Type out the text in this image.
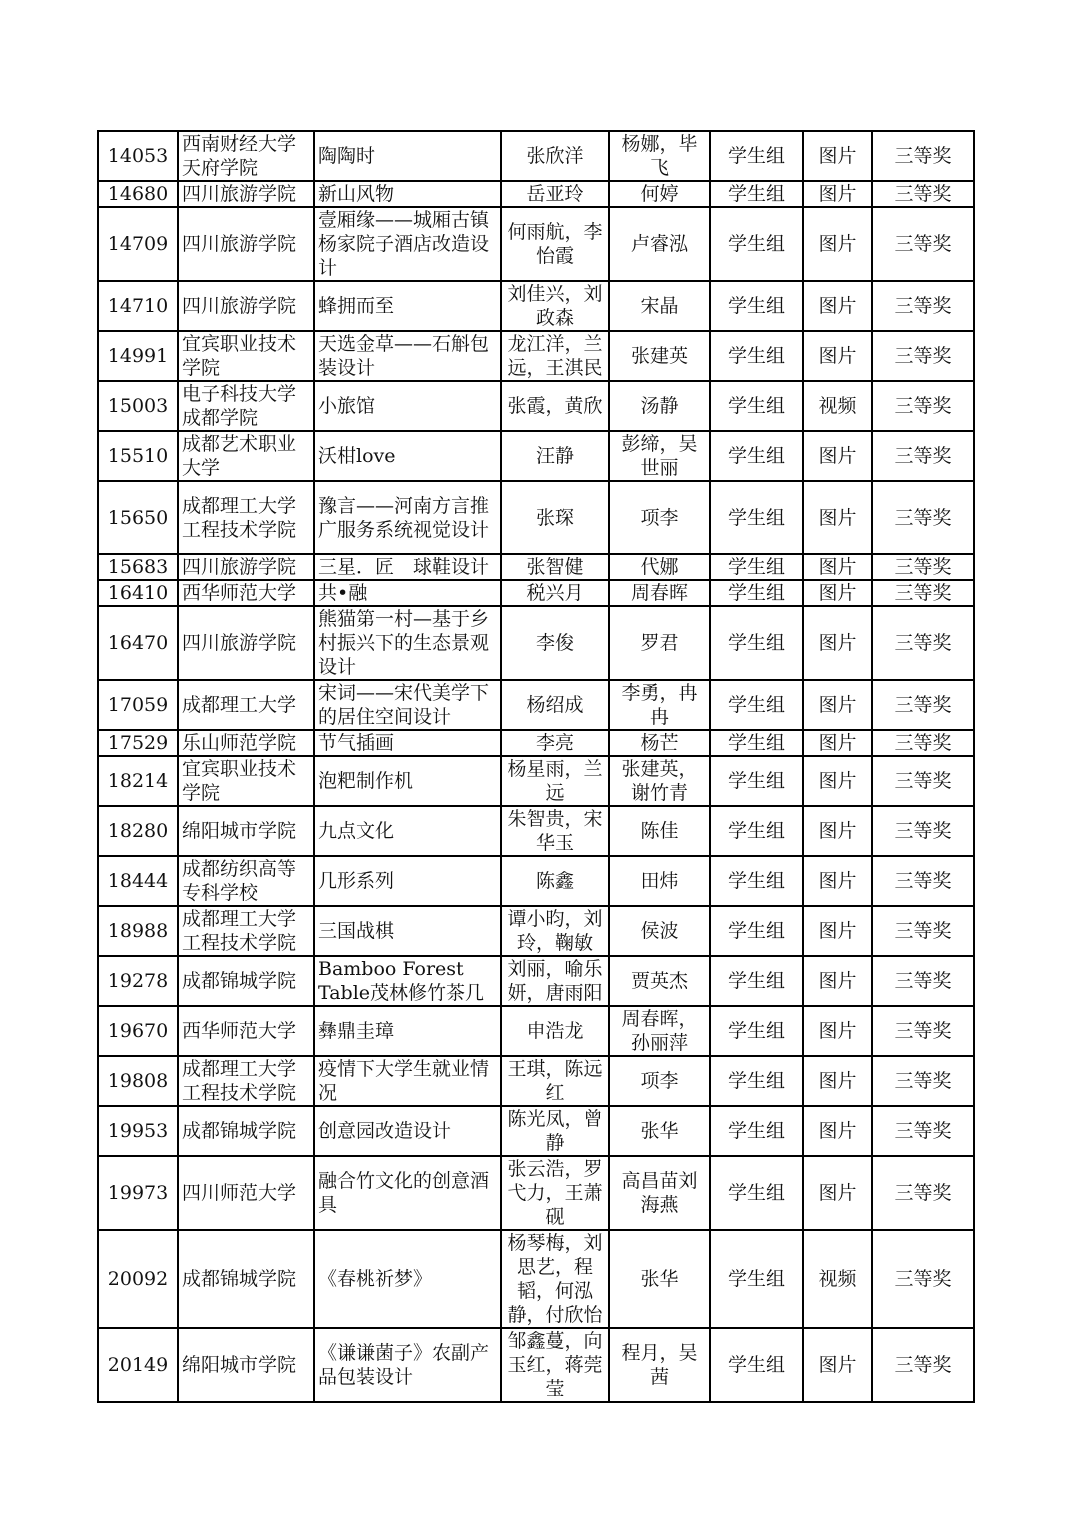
14053	西南财经大学天府学院	陶陶时	张欣洋	杨娜，毕飞	学生组	图片	三等奖
14680	四川旅游学院	新山风物	岳亚玲	何婷	学生组	图片	三等奖
14709	四川旅游学院	壹厢缘——城厢古镇杨家院子酒店改造设计	何雨航，李怡霞	卢睿泓	学生组	图片	三等奖
14710	四川旅游学院	蜂拥而至	刘佳兴，刘政森	宋晶	学生组	图片	三等奖
14991	宜宾职业技术学院	天选金草——石斛包装设计	龙江洋，兰远，王淇民	张建英	学生组	图片	三等奖
15003	电子科技大学成都学院	小旅馆	张霞，黄欣	汤静	学生组	视频	三等奖
15510	成都艺术职业大学	沃柑love	汪静	彭缔，吴世丽	学生组	图片	三等奖
15650	成都理工大学工程技术学院	豫言——河南方言推广服务系统视觉设计	张琛	项李	学生组	图片	三等奖
15683	四川旅游学院	三星．匠　球鞋设计	张智健	代娜	学生组	图片	三等奖
16410	西华师范大学	共•融	税兴月	周春晖	学生组	图片	三等奖
16470	四川旅游学院	熊猫第一村—基于乡村振兴下的生态景观设计	李俊	罗君	学生组	图片	三等奖
17059	成都理工大学	宋词——宋代美学下的居住空间设计	杨绍成	李勇，冉冉	学生组	图片	三等奖
17529	乐山师范学院	节气插画	李亮	杨芒	学生组	图片	三等奖
18214	宜宾职业技术学院	泡粑制作机	杨星雨，兰远	张建英，谢竹青	学生组	图片	三等奖
18280	绵阳城市学院	九点文化	朱智贵，宋华玉	陈佳	学生组	图片	三等奖
18444	成都纺织高等专科学校	几形系列	陈鑫	田炜	学生组	图片	三等奖
18988	成都理工大学工程技术学院	三国战棋	谭小昀，刘玲，鞠敏	侯波	学生组	图片	三等奖
19278	成都锦城学院	Bamboo Forest Table茂林修竹茶几	刘丽，喻乐妍，唐雨阳	贾英杰	学生组	图片	三等奖
19670	西华师范大学	彝鼎圭璋	申浩龙	周春晖，孙丽萍	学生组	图片	三等奖
19808	成都理工大学工程技术学院	疫情下大学生就业情况	王琪，陈远红	项李	学生组	图片	三等奖
19953	成都锦城学院	创意园改造设计	陈光凤，曾静	张华	学生组	图片	三等奖
19973	四川师范大学	融合竹文化的创意酒具	张云浩，罗弋力，王萧砚	高昌苗刘海燕	学生组	图片	三等奖
20092	成都锦城学院	《春桃祈梦》	杨琴梅，刘思艺，程韬，何泓静，付欣怡	张华	学生组	视频	三等奖
20149	绵阳城市学院	《谦谦菌子》农副产品包装设计	邹鑫蔓，向玉红，蒋莞莹	程月，吴茜	学生组	图片	三等奖
